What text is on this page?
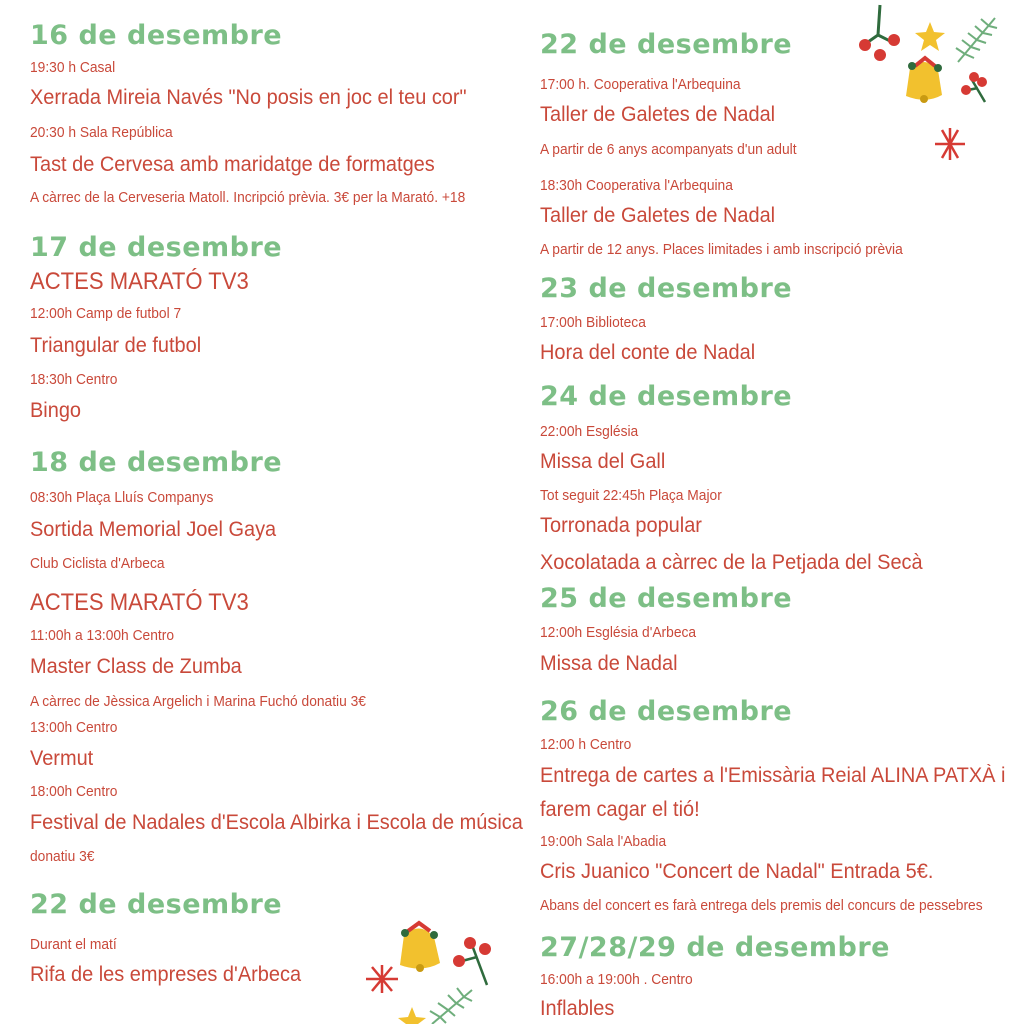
16 de desembre
19:30 h Casal
Xerrada Mireia Navés "No posis en joc el teu cor"
20:30 h Sala República
Tast de Cervesa amb maridatge de formatges
A càrrec de la Cerveseria Matoll. Incripció prèvia. 3€ per la Marató. +18
17 de desembre
ACTES MARATÓ TV3
12:00h Camp de futbol 7
Triangular de futbol
18:30h Centro
Bingo
18 de desembre
08:30h Plaça Lluís Companys
Sortida Memorial Joel Gaya
Club Ciclista d'Arbeca
ACTES MARATÓ TV3
11:00h a 13:00h Centro
Master Class de Zumba
A càrrec de Jèssica Argelich i Marina Fuchó donatiu 3€
13:00h Centro
Vermut
18:00h Centro
Festival de Nadales d'Escola Albirka i Escola de música
donatiu 3€
22 de desembre
Durant el matí
Rifa de les empreses d'Arbeca
22 de desembre
17:00 h. Cooperativa l'Arbequina
Taller de Galetes de Nadal
A partir de 6 anys acompanyats d'un adult
18:30h Cooperativa l'Arbequina
Taller de Galetes de Nadal
A partir de 12 anys. Places limitades i amb inscripció prèvia
23 de desembre
17:00h Biblioteca
Hora del conte de Nadal
24 de desembre
22:00h Església
Missa del Gall
Tot seguit 22:45h Plaça Major
Torronada popular
Xocolatada a càrrec de la Petjada del Secà
25 de desembre
12:00h Església d'Arbeca
Missa de Nadal
26 de desembre
12:00 h Centro
Entrega de cartes a l'Emissària Reial ALINA PATXÀ i
farem cagar el tió!
19:00h Sala l'Abadia
Cris Juanico "Concert de Nadal" Entrada 5€.
Abans del concert es farà entrega dels premis del concurs de pessebres
27/28/29 de desembre
16:00h a 19:00h . Centro
Inflables
